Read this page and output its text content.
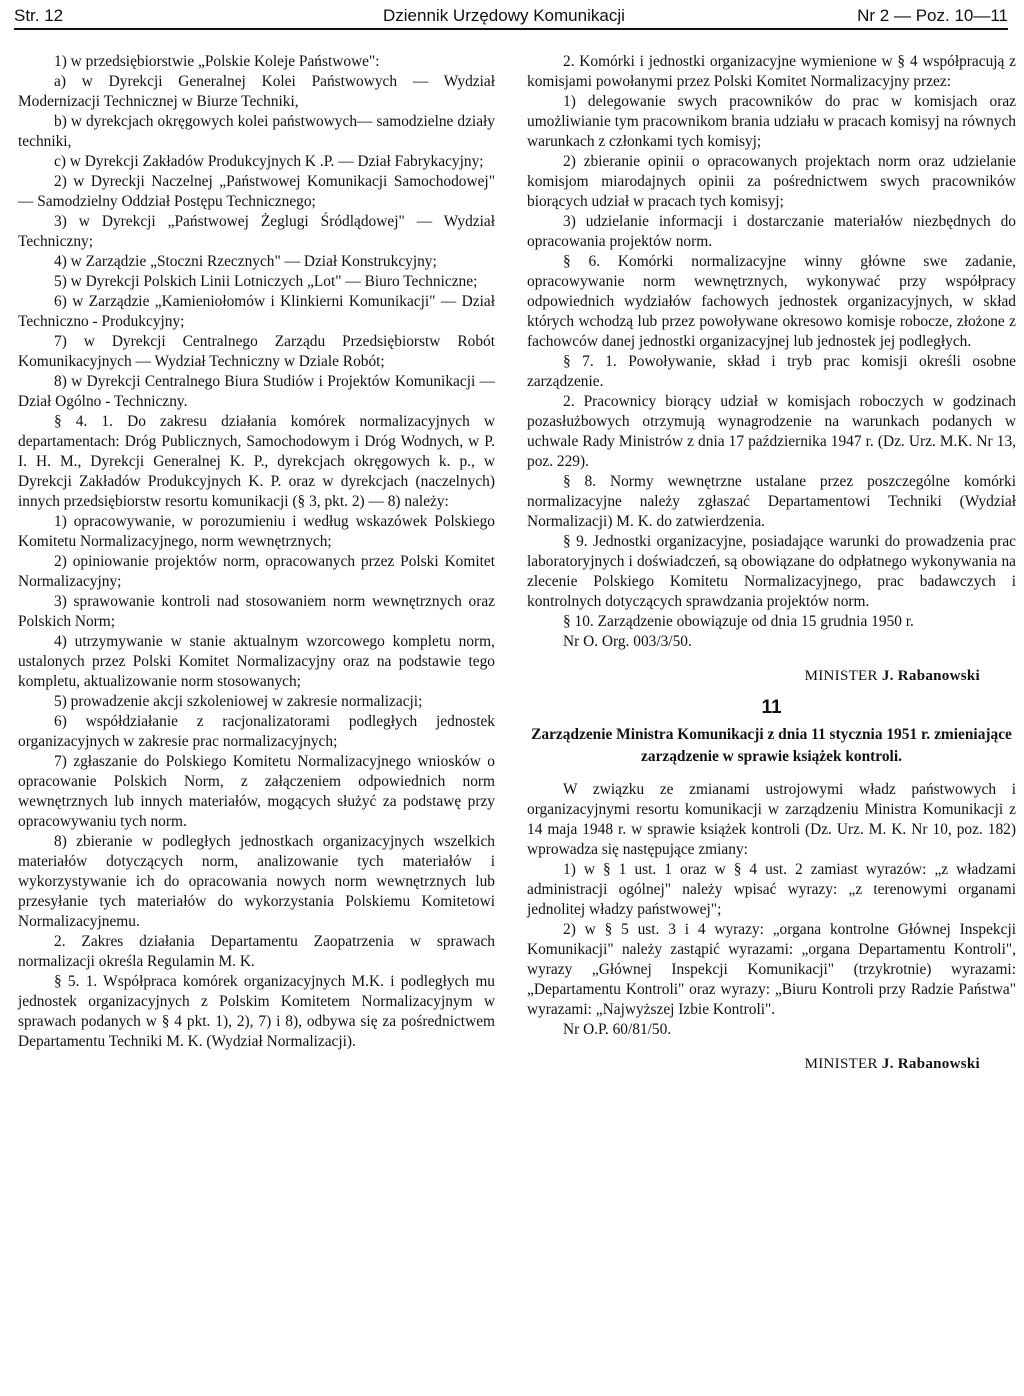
Str. 12	Dziennik Urzędowy Komunikacji	Nr 2 — Poz. 10—11

1) w przedsiębiorstwie „Polskie Koleje Państwowe":

a) w Dyrekcji Generalnej Kolei Państwowych — Wydział Modernizacji Technicznej w Biurze Techniki,

b) w dyrekcjach okręgowych kolei państwowych— samodzielne działy techniki,

c) w Dyrekcji Zakładów Produkcyjnych K .P. — Dział Fabrykacyjny;

2) w Dyreckji Naczelnej „Państwowej Komunikacji Samochodowej" — Samodzielny Oddział Postępu Technicznego;

3) w Dyrekcji „Państwowej Żeglugi Śródlądowej" — Wydział Techniczny;

4) w Zarządzie „Stoczni Rzecznych" — Dział Konstrukcyjny;

5) w Dyrekcji Polskich Linii Lotniczych „Lot" — Biuro Techniczne;

6) w Zarządzie „Kamieniołomów i Klinkierni Komunikacji" — Dział Techniczno - Produkcyjny;

7) w Dyrekcji Centralnego Zarządu Przedsiębiorstw Robót Komunikacyjnych — Wydział Techniczny w Dziale Robót;

8) w Dyrekcji Centralnego Biura Studiów i Projektów Komunikacji — Dział Ogólno - Techniczny.

§ 4. 1. Do zakresu działania komórek normalizacyjnych w departamentach: Dróg Publicznych, Samochodowym i Dróg Wodnych, w P. I. H. M., Dyrekcji Generalnej K. P., dyrekcjach okręgowych k. p., w Dyrekcji Zakładów Produkcyjnych K. P. oraz w dyrekcjach (naczelnych) innych przedsiębiorstw resortu komunikacji (§ 3, pkt. 2) — 8) należy:

1) opracowywanie, w porozumieniu i według wskazówek Polskiego Komitetu Normalizacyjnego, norm wewnętrznych;

2) opiniowanie projektów norm, opracowanych przez Polski Komitet Normalizacyjny;

3) sprawowanie kontroli nad stosowaniem norm wewnętrznych oraz Polskich Norm;

4) utrzymywanie w stanie aktualnym wzorcowego kompletu norm, ustalonych przez Polski Komitet Normalizacyjny oraz na podstawie tego kompletu, aktualizowanie norm stosowanych;

5) prowadzenie akcji szkoleniowej w zakresie normalizacji;

6) współdziałanie z racjonalizatorami podległych jednostek organizacyjnych w zakresie prac normalizacyjnych;

7) zgłaszanie do Polskiego Komitetu Normalizacyjnego wniosków o opracowanie Polskich Norm, z załączeniem odpowiednich norm wewnętrznych lub innych materiałów, mogących służyć za podstawę przy opracowywaniu tych norm.

8) zbieranie w podległych jednostkach organizacyjnych wszelkich materiałów dotyczących norm, analizowanie tych materiałów i wykorzystywanie ich do opracowania nowych norm wewnętrznych lub przesyłanie tych materiałów do wykorzystania Polskiemu Komitetowi Normalizacyjnemu.

2. Zakres działania Departamentu Zaopatrzenia w sprawach normalizacji określa Regulamin M. K.

§ 5. 1. Współpraca komórek organizacyjnych M.K. i podległych mu jednostek organizacyjnych z Polskim Komitetem Normalizacyjnym w sprawach podanych w § 4 pkt. 1), 2), 7) i 8), odbywa się za pośrednictwem Departamentu Techniki M. K. (Wydział Normalizacji).

2. Komórki i jednostki organizacyjne wymienione w § 4 współpracują z komisjami powołanymi przez Polski Komitet Normalizacyjny przez:

1) delegowanie swych pracowników do prac w komisjach oraz umożliwianie tym pracownikom brania udziału w pracach komisyj na równych warunkach z członkami tych komisyj;

2) zbieranie opinii o opracowanych projektach norm oraz udzielanie komisjom miarodajnych opinii za pośrednictwem swych pracowników biorących udział w pracach tych komisyj;

3) udzielanie informacji i dostarczanie materiałów niezbędnych do opracowania projektów norm.

§ 6. Komórki normalizacyjne winny główne swe zadanie, opracowywanie norm wewnętrznych, wykonywać przy współpracy odpowiednich wydziałów fachowych jednostek organizacyjnych, w skład których wchodzą lub przez powoływane okresowo komisje robocze, złożone z fachowców danej jednostki organizacyjnej lub jednostek jej podległych.

§ 7. 1. Powoływanie, skład i tryb prac komisji określi osobne zarządzenie.

2. Pracownicy biorący udział w komisjach roboczych w godzinach pozasłużbowych otrzymują wynagrodzenie na warunkach podanych w uchwale Rady Ministrów z dnia 17 października 1947 r. (Dz. Urz. M.K. Nr 13, poz. 229).

§ 8. Normy wewnętrzne ustalane przez poszczególne komórki normalizacyjne należy zgłaszać Departamentowi Techniki (Wydział Normalizacji) M. K. do zatwierdzenia.

§ 9. Jednostki organizacyjne, posiadające warunki do prowadzenia prac laboratoryjnych i doświadczeń, są obowiązane do odpłatnego wykonywania na zlecenie Polskiego Komitetu Normalizacyjnego, prac badawczych i kontrolnych dotyczących sprawdzania projektów norm.

§ 10. Zarządzenie obowiązuje od dnia 15 grudnia 1950 r.

Nr O. Org. 003/3/50.

MINISTER J. Rabanowski
11
Zarządzenie Ministra Komunikacji z dnia 11 stycznia 1951 r. zmieniające zarządzenie w sprawie książek kontroli.

W związku ze zmianami ustrojowymi władz państwowych i organizacyjnymi resortu komunikacji w zarządzeniu Ministra Komunikacji z 14 maja 1948 r. w sprawie książek kontroli (Dz. Urz. M. K. Nr 10, poz. 182) wprowadza się następujące zmiany:

1) w § 1 ust. 1 oraz w § 4 ust. 2 zamiast wyrazów: „z władzami administracji ogólnej" należy wpisać wyrazy: „z terenowymi organami jednolitej władzy państwowej";

2) w § 5 ust. 3 i 4 wyrazy: „organa kontrolne Głównej Inspekcji Komunikacji" należy zastąpić wyrazami: „organa Departamentu Kontroli", wyrazy „Głównej Inspekcji Komunikacji" (trzykrotnie) wyrazami: „Departamentu Kontroli" oraz wyrazy: „Biuru Kontroli przy Radzie Państwa" wyrazami: „Najwyższej Izbie Kontroli".

Nr O.P. 60/81/50.

MINISTER J. Rabanowski
